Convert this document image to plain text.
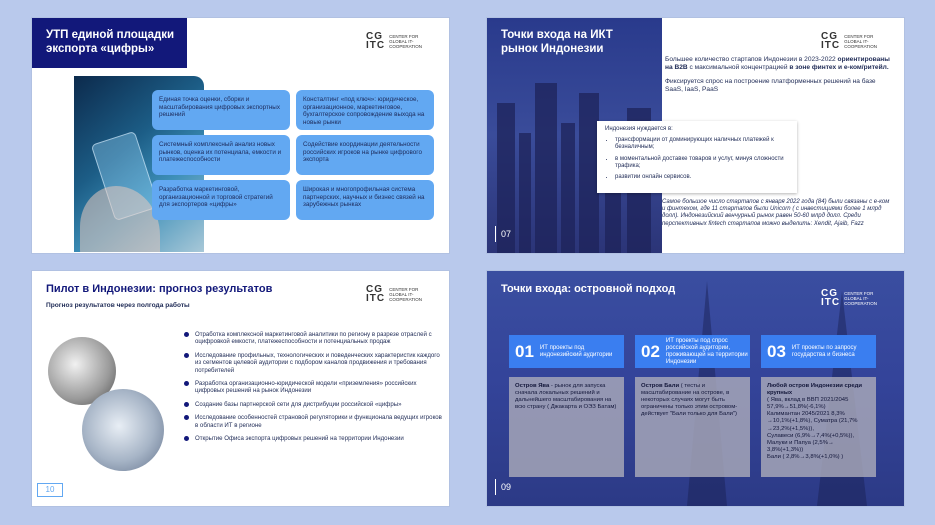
УТП единой площадки экспорта «цифры»
CG
ITC
CENTER FOR GLOBAL IT-COOPERATION
Единая точка оценки, сборки и масштабирования цифровых экспортных решений
Системный комплексный анализ новых рынков, оценка их потенциала, емкости и платежеспособности
Разработка маркетинговой, организационной и торговой стратегий для экспортеров «цифры»
Консталтинг «под ключ»: юридическое, организационное, маркетинговое, бухгалтерское сопровождение выхода на новые рынки
Содействие координации деятельности российских игроков на рынке цифрового экспорта
Широкая и многопрофильная система партнерских, научных и бизнес связей на зарубежных рынках
04
Точки входа на ИКТ рынок Индонезии
CG
ITC
CENTER FOR GLOBAL IT-COOPERATION

Большее количество стартапов Индонезии в 2023-2022 ориентированы на B2B с максимальной концентрацией в зоне финтех и е-ком/ритейл.

Фиксируется спрос на построение платформенных решений на базе SaaS, IaaS, PaaS

Индонезия нуждается в:
• трансформации от доминирующих наличных платежей к безналичным;
• в моментальной доставке товаров и услуг, минуя сложности трафика;
• развитии онлайн сервисов.
Самое большое число стартапов с января 2022 года (84) были связаны с е-ком и финтехом, где 11 стартапов были Unicorn ( с инвестициями более 1 млрд долл). Индонезийский венчурный рынок равен 50-60 млрд долл. Среди перспективных fintech стартапов можно выделить: Xendit, Ajaib, Fazz
07
Пилот в Индонезии: прогноз результатов
Прогноз результатов через полгода работы
CG
ITC
CENTER FOR GLOBAL IT-COOPERATION
Отработка комплексной маркетинговой аналитики по региону в разрезе отраслей с оцифровкой емкости, платежеспособности и потенциальных продаж
Исследование профильных, технологических и поведенческих характеристик каждого из сегментов целевой аудитории с подбором каналов продвижения и требования потребителей
Разработка организационно-юридической модели «приземления» российских цифровых решений на рынок Индонезии
Создание базы партнерской сети для дистрибуции российской «цифры»
Исследование особенностей страновой регуляторики и функционала ведущих игроков в области ИТ в регионе
Открытие Офиса экспорта цифровых решений на территории Индонезии
10
Точки входа: островной подход	CG
ITC
CENTER FOR GLOBAL IT-COOPERATION
01 ИТ проекты под индонезийский аудитории	02
ИТ проекты под спрос российской аудитории, проживающей на территории Индонезии
03 ИТ проекты по запросу государства и бизнеса
Остров Ява - рынок для запуска сначала локальных решений и дальнейшего масштабирования на всю страну ( Джакарта и ОЭЗ Батам)
Остров Бали ( тесты и масштабирование на острове, в некоторых случаях могут быть ограничены только этим островом- действует "Бали только для Бали")
Любой остров Индонезии среди крупных
( Ява, вклад в ВВП 2021/2045
57,9%→51,8%(-6,1%)
Калимантан 2045/2021 8,3%
→10,1%(+1,8%), Суматра (21,7%
→23,2%(+1,5%)),
Сулавеси (6,9%→7,4%(+0,5%)),
Малуки и Папуа (2,5%→
3,8%(+1,3%))
Бали ( 2,8%→3,8%(+1,0%) )
09
